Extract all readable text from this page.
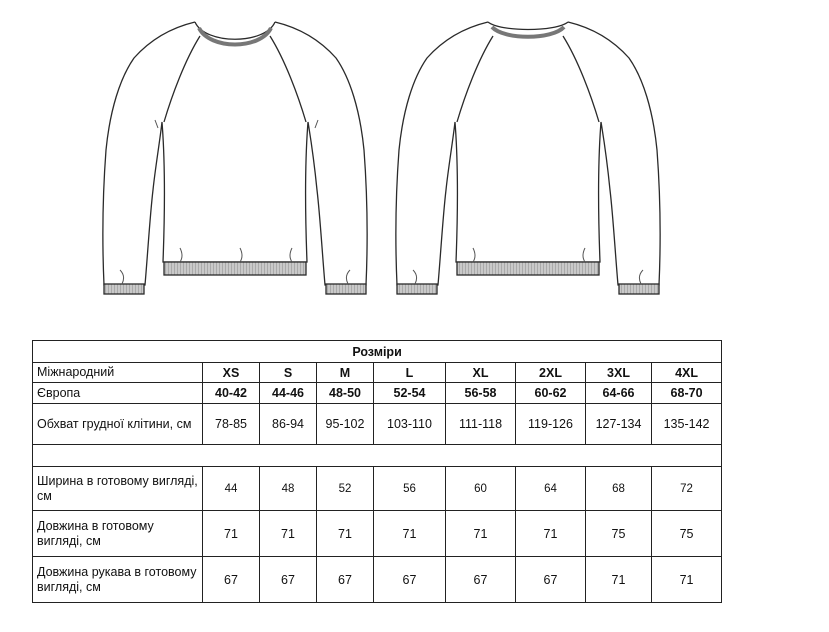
Розміри								
Міжнародний	XS	S	M	L	XL	2XL	3XL	4XL
Європа	40-42	44-46	48-50	52-54	56-58	60-62	64-66	68-70
Обхват грудної клітини, см	78-85	86-94	95-102	103-110	111-118	119-126	127-134	135-142

Ширина в готовому вигляді, см	44	48	52	56	60	64	68	72
Довжина в готовому вигляді, см	71	71	71	71	71	71	75	75
Довжина рукава в готовому вигляді, см	67	67	67	67	67	67	71	71
